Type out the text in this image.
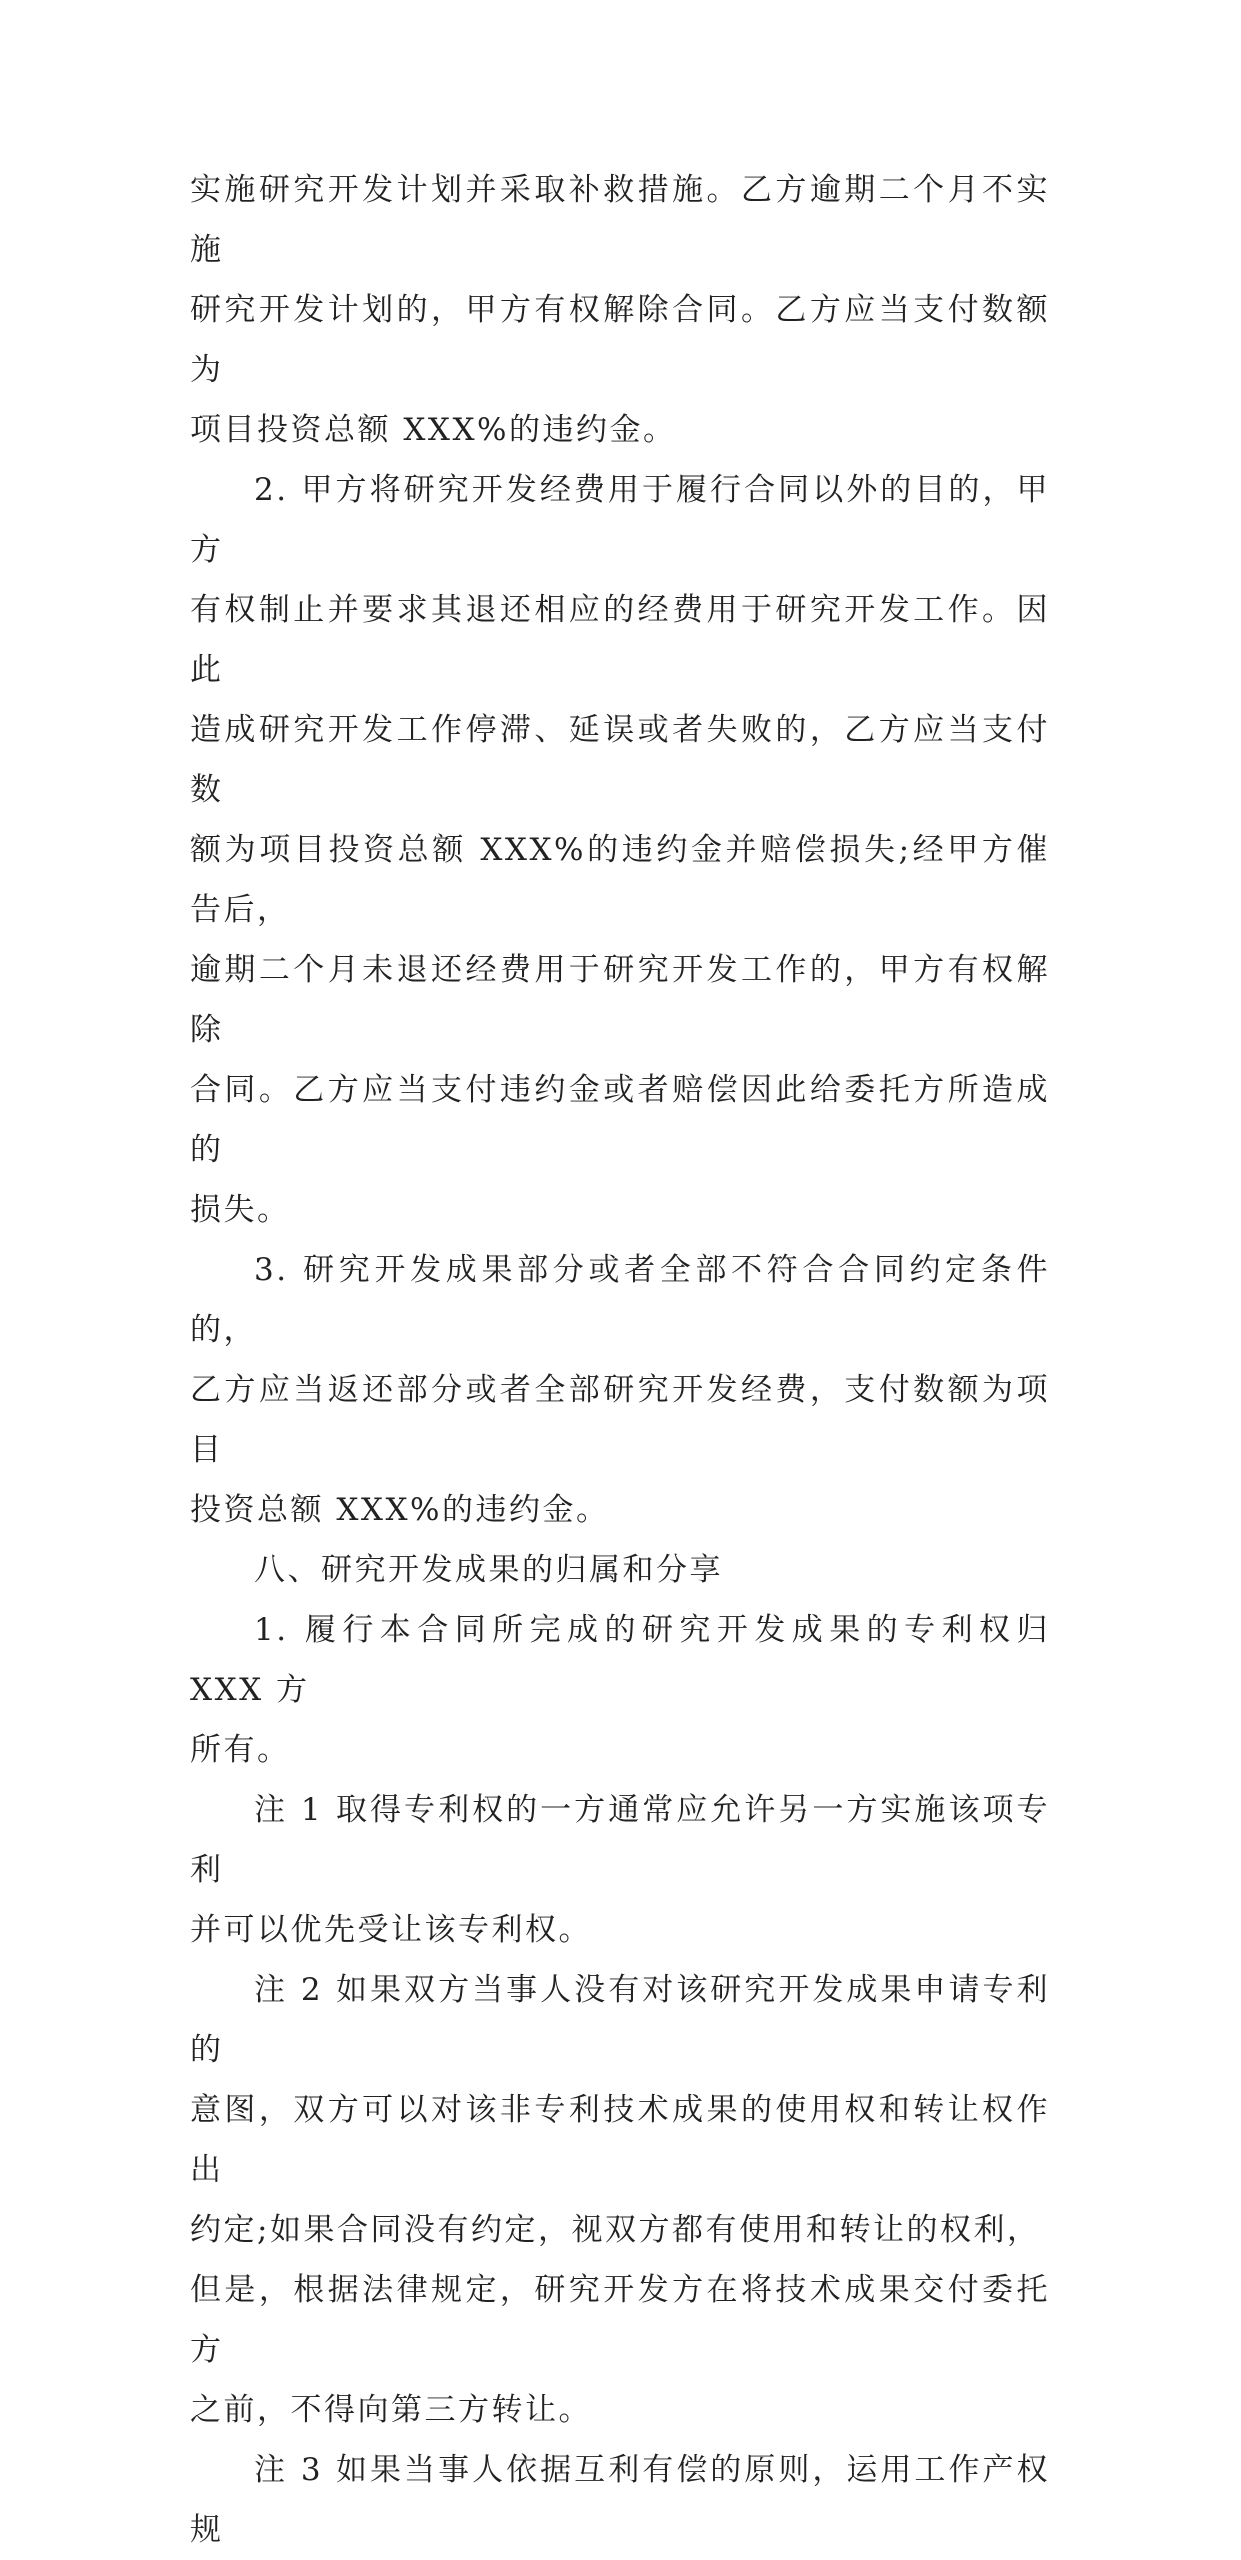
实施研究开发计划并采取补救措施。乙方逾期二个月不实施
研究开发计划的，甲方有权解除合同。乙方应当支付数额为
项目投资总额 XXX%的违约金。

2. 甲方将研究开发经费用于履行合同以外的目的，甲方
有权制止并要求其退还相应的经费用于研究开发工作。因此
造成研究开发工作停滞、延误或者失败的，乙方应当支付数
额为项目投资总额 XXX%的违约金并赔偿损失;经甲方催告后，
逾期二个月未退还经费用于研究开发工作的，甲方有权解除
合同。乙方应当支付违约金或者赔偿因此给委托方所造成的
损失。

3. 研究开发成果部分或者全部不符合合同约定条件的，
乙方应当返还部分或者全部研究开发经费，支付数额为项目
投资总额 XXX%的违约金。

八、研究开发成果的归属和分享

1. 履行本合同所完成的研究开发成果的专利权归 XXX 方
所有。

注 1 取得专利权的一方通常应允许另一方实施该项专利
并可以优先受让该专利权。

注 2 如果双方当事人没有对该研究开发成果申请专利的
意图，双方可以对该非专利技术成果的使用权和转让权作出
约定;如果合同没有约定，视双方都有使用和转让的权利，
但是，根据法律规定，研究开发方在将技术成果交付委托方
之前，不得向第三方转让。

注 3 如果当事人依据互利有偿的原则，运用工作产权规
